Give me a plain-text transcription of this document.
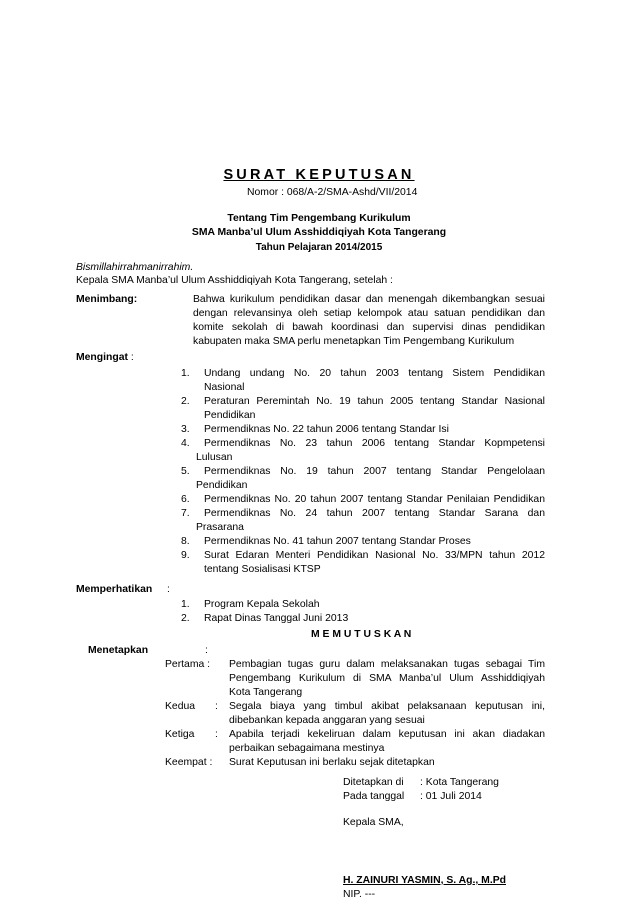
SURAT KEPUTUSAN
Nomor : 068/A-2/SMA-Ashd/VII/2014
Tentang Tim Pengembang Kurikulum
SMA Manba’ul Ulum Asshiddiqiyah Kota Tangerang
Tahun Pelajaran 2014/2015
Bismillahirrahmanirrahim.
Kepala SMA Manba’ul Ulum Asshiddiqiyah Kota Tangerang, setelah :
Menimbang:	Bahwa kurikulum pendidikan dasar dan menengah dikembangkan sesuai dengan relevansinya oleh setiap kelompok atau satuan pendidikan dan komite sekolah di bawah koordinasi dan supervisi dinas pendidikan kabupaten maka SMA perlu menetapkan Tim Pengembang Kurikulum
Mengingat :
1. Undang undang No. 20 tahun 2003 tentang Sistem Pendidikan
Nasional
2. Peraturan Peremintah No. 19 tahun 2005 tentang Standar Nasional
Pendidikan
3. Permendiknas No. 22 tahun 2006 tentang Standar Isi
4. Permendiknas No. 23 tahun 2006 tentang Standar Kopmpetensi
Lulusan
5. Permendiknas No. 19 tahun 2007 tentang Standar Pengelolaan
Pendidikan
6. Permendiknas No. 20 tahun 2007 tentang Standar Penilaian Pendidikan
7. Permendiknas No. 24 tahun 2007 tentang Standar Sarana dan
Prasarana
8. Permendiknas No. 41 tahun 2007 tentang Standar Proses
9. Surat Edaran Menteri Pendidikan Nasional No. 33/MPN tahun 2012
tentang Sosialisasi KTSP
Memperhatikan :
1. Program Kepala Sekolah
2. Rapat Dinas Tanggal Juni 2013
M E M U T U S K A N
Menetapkan	:
Pertama : Pembagian tugas guru dalam melaksanakan tugas sebagai Tim
Pengembang Kurikulum di SMA Manba’ul Ulum Asshiddiqiyah
Kota Tangerang
Kedua : Segala biaya yang timbul akibat pelaksanaan keputusan ini,
dibebankan kepada anggaran yang sesuai
Ketiga : Apabila terjadi kekeliruan dalam keputusan ini akan diadakan
perbaikan sebagaimana mestinya
Keempat : Surat Keputusan ini berlaku sejak ditetapkan
Ditetapkan di : Kota Tangerang
Pada tanggal : 01 Juli 2014
Kepala SMA,
H. ZAINURI YASMIN, S. Ag., M.Pd
NIP. ---
